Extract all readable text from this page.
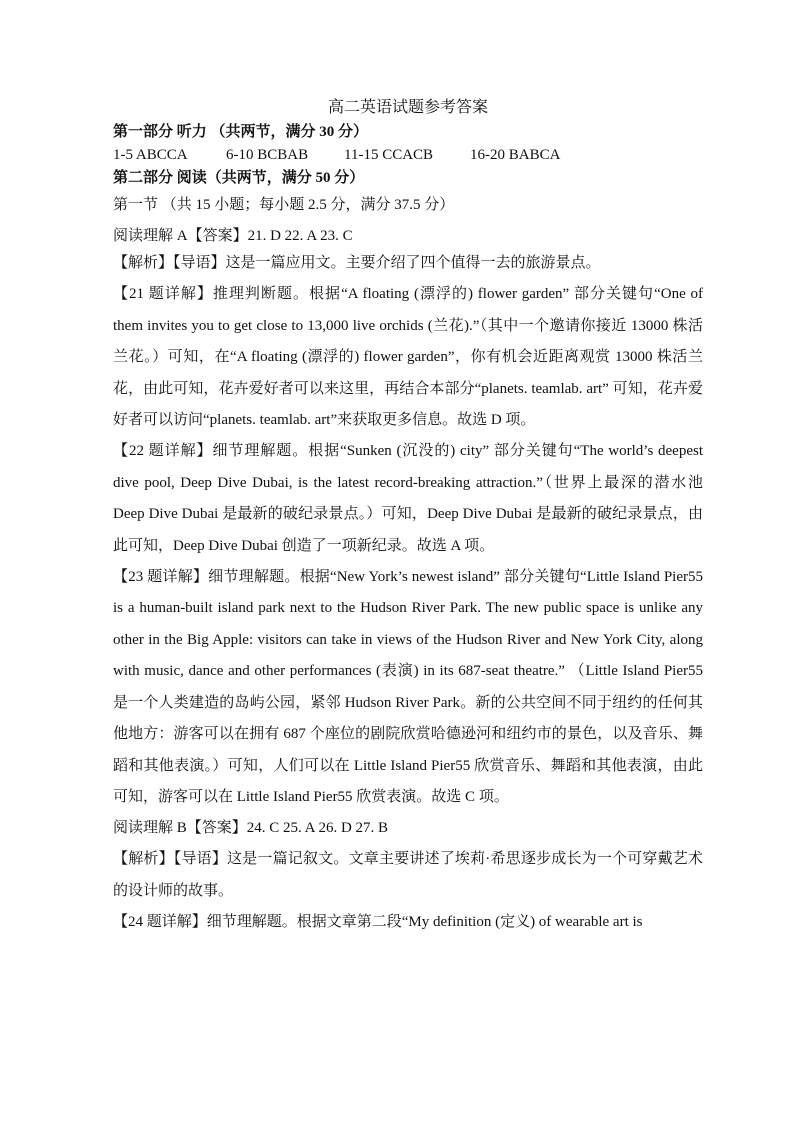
高二英语试题参考答案
第一部分 听力 （共两节，满分 30 分）
1-5 ABCCA	6-10 BCBAB	11-15 CCACB	16-20 BABCA
第二部分 阅读（共两节，满分 50 分）
第一节 （共 15 小题；每小题 2.5 分，满分 37.5 分）
阅读理解 A【答案】21. D 22. A 23. C

【解析】【导语】这是一篇应用文。主要介绍了四个值得一去的旅游景点。

【21 题详解】推理判断题。根据“A floating (漂浮的) flower garden” 部分关键句“One of them invites you to get close to 13,000 live orchids (兰花).”（其中一个邀请你接近 13000 株活兰花。）可知，在“A floating (漂浮的) flower garden”，你有机会近距离观赏 13000 株活兰花，由此可知，花卉爱好者可以来这里，再结合本部分“planets. teamlab. art” 可知，花卉爱好者可以访问“planets. teamlab. art”来获取更多信息。故选 D 项。

【22 题详解】细节理解题。根据“Sunken (沉没的) city” 部分关键句“The world’s deepest dive pool, Deep Dive Dubai, is the latest record-breaking attraction.”（世界上最深的潜水池 Deep Dive Dubai 是最新的破纪录景点。）可知，Deep Dive Dubai 是最新的破纪录景点，由此可知，Deep Dive Dubai 创造了一项新纪录。故选 A 项。

【23 题详解】细节理解题。根据“New York’s newest island” 部分关键句“Little Island Pier55 is a human-built island park next to the Hudson River Park. The new public space is unlike any other in the Big Apple: visitors can take in views of the Hudson River and New York City, along with music, dance and other performances (表演) in its 687-seat theatre.” （Little Island Pier55 是一个人类建造的岛屿公园，紧邻 Hudson River Park。新的公共空间不同于纽约的任何其他地方：游客可以在拥有 687 个座位的剧院欣赏哈德逊河和纽约市的景色，以及音乐、舞蹈和其他表演。）可知，人们可以在 Little Island Pier55 欣赏音乐、舞蹈和其他表演，由此可知，游客可以在 Little Island Pier55 欣赏表演。故选 C 项。

阅读理解 B【答案】24. C 25. A 26. D 27. B

【解析】【导语】这是一篇记叙文。文章主要讲述了埃莉·希思逐步成长为一个可穿戴艺术的设计师的故事。

【24 题详解】细节理解题。根据文章第二段“My definition (定义) of wearable art is
